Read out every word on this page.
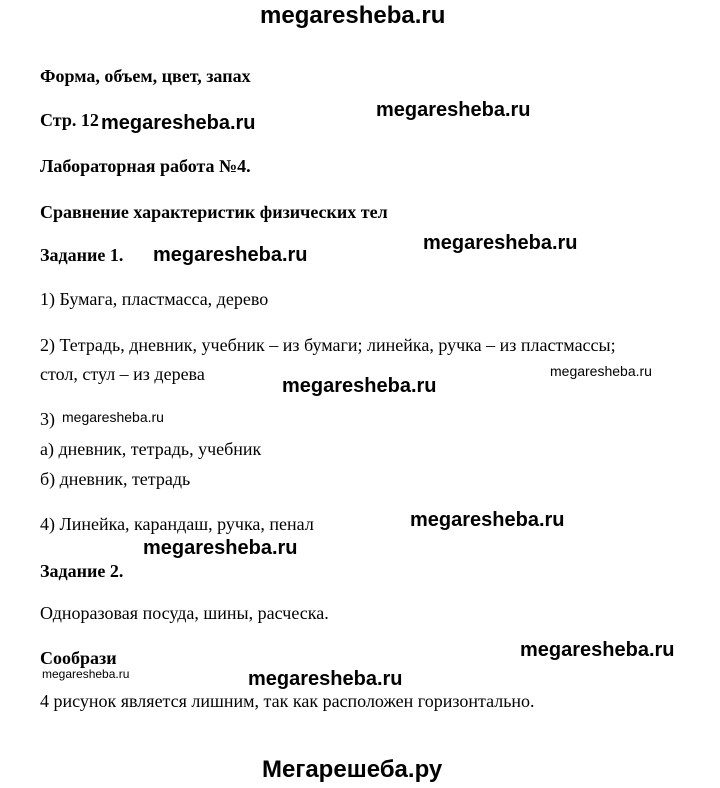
megaresheba.ru
Мегарешеба.ру
Форма, объем, цвет, запах
Стр. 12
Лабораторная работа №4.
Сравнение характеристик физических тел
Задание 1.
1) Бумага, пластмасса, дерево
2) Тетрадь, дневник, учебник – из бумаги; линейка, ручка – из пластмассы;
стол, стул – из дерева
3)
а) дневник, тетрадь, учебник
б) дневник, тетрадь
4) Линейка, карандаш, ручка, пенал
Задание 2.
Одноразовая посуда, шины, расческа.
Сообрази
4 рисунок является лишним, так как расположен горизонтально.
megaresheba.ru
megaresheba.ru
megaresheba.ru
megaresheba.ru
megaresheba.ru
megaresheba.ru
megaresheba.ru
megaresheba.ru
megaresheba.ru
megaresheba.ru
megaresheba.ru
megaresheba.ru
